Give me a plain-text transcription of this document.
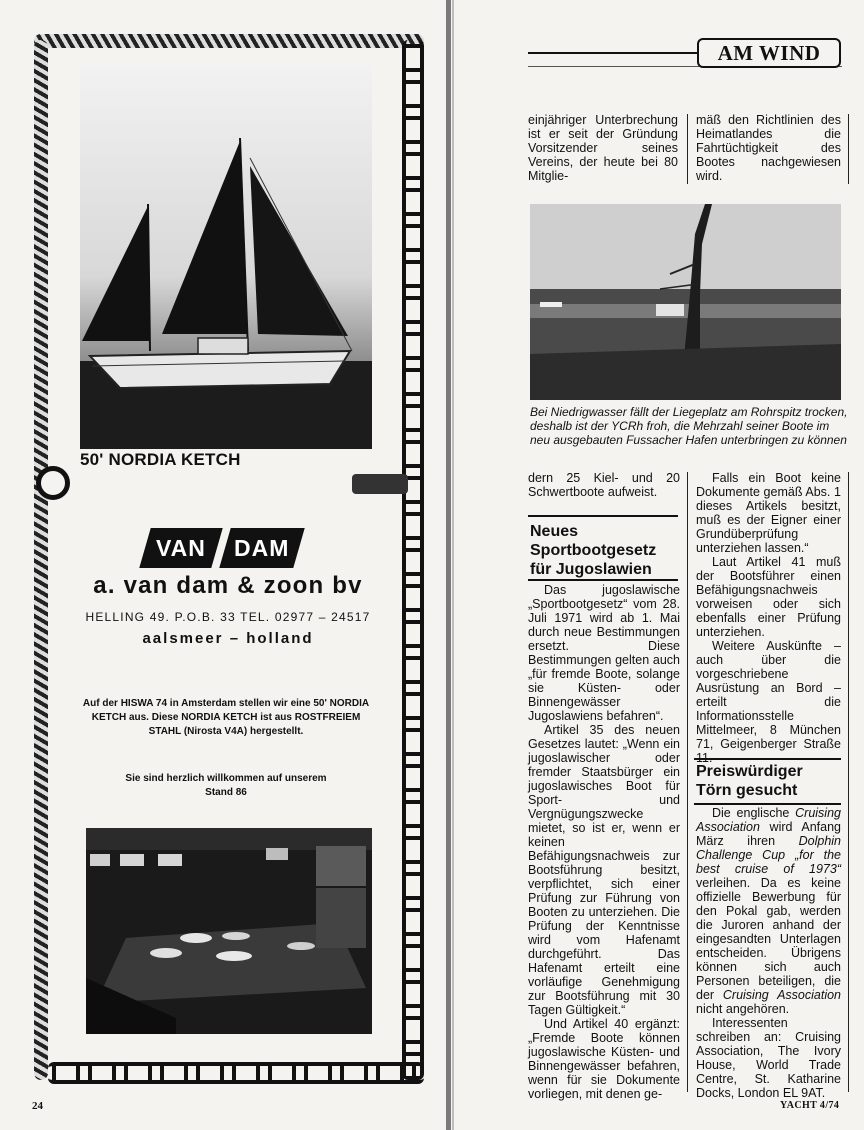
50' NORDIA KETCH
VAN	DAM
a. van dam & zoon bv
HELLING 49. P.O.B. 33 TEL. 02977 – 24517
aalsmeer – holland
Auf der HISWA 74 in Amsterdam stellen wir eine 50' NORDIA KETCH aus. Diese NORDIA KETCH ist aus ROSTFREIEM STAHL (Nirosta V4A) hergestellt.
Sie sind herzlich willkommen auf unserem
Stand 86
24
AM WIND

einjähriger Unterbrechung ist er seit der Gründung Vorsitzender seines Vereins, der heute bei 80 Mitglie-

mäß den Richtlinien des Heimatlandes die Fahrtüchtigkeit des Bootes nachgewiesen wird.

Bei Niedrigwasser fällt der Liegeplatz am Rohrspitz trocken, deshalb ist der YCRh froh, die Mehrzahl seiner Boote im neu ausgebauten Fussacher Hafen unterbringen zu können

dern 25 Kiel- und 20 Schwertboote aufweist.

Neues Sportbootgesetz für Jugoslawien

Das jugoslawische „Sportbootgesetz“ vom 28. Juli 1971 wird ab 1. Mai durch neue Bestimmungen ersetzt. Diese Bestimmungen gelten auch „für fremde Boote, solange sie Küsten- oder Binnengewässer Jugoslawiens befahren“.

Artikel 35 des neuen Gesetzes lautet: „Wenn ein jugoslawischer oder fremder Staatsbürger ein jugoslawisches Boot für Sport- und Vergnügungszwecke mietet, so ist er, wenn er keinen Befähigungsnachweis zur Bootsführung besitzt, verpflichtet, sich einer Prüfung zur Führung von Booten zu unterziehen. Die Prüfung der Kenntnisse wird vom Hafenamt durchgeführt. Das Hafenamt erteilt eine vorläufige Genehmigung zur Bootsführung mit 30 Tagen Gültigkeit.“

Und Artikel 40 ergänzt: „Fremde Boote können jugoslawische Küsten- und Binnengewässer befahren, wenn für sie Dokumente vorliegen, mit denen ge-

Falls ein Boot keine Dokumente gemäß Abs. 1 dieses Artikels besitzt, muß es der Eigner einer Grundüberprüfung unterziehen lassen.“

Laut Artikel 41 muß der Bootsführer einen Befähigungsnachweis vorweisen oder sich ebenfalls einer Prüfung unterziehen.

Weitere Auskünfte – auch über die vorgeschriebene Ausrüstung an Bord – erteilt die Informationsstelle Mittelmeer, 8 München 71, Geigenberger Straße

Preiswürdiger Törn gesucht

Die englische Cruising Association wird Anfang März ihren Dolphin Challenge Cup „for the best cruise of 1973“ verleihen. Da es keine offizielle Bewerbung für den Pokal gab, werden die Juroren anhand der eingesandten Unterlagen entscheiden. Übrigens können sich auch Personen beteiligen, die der Cruising Association nicht angehören.

Interessenten schreiben an: Cruising Association, The Ivory House, World Trade Centre, St. Katharine Docks, London EL 9AT.

YACHT 4/74
